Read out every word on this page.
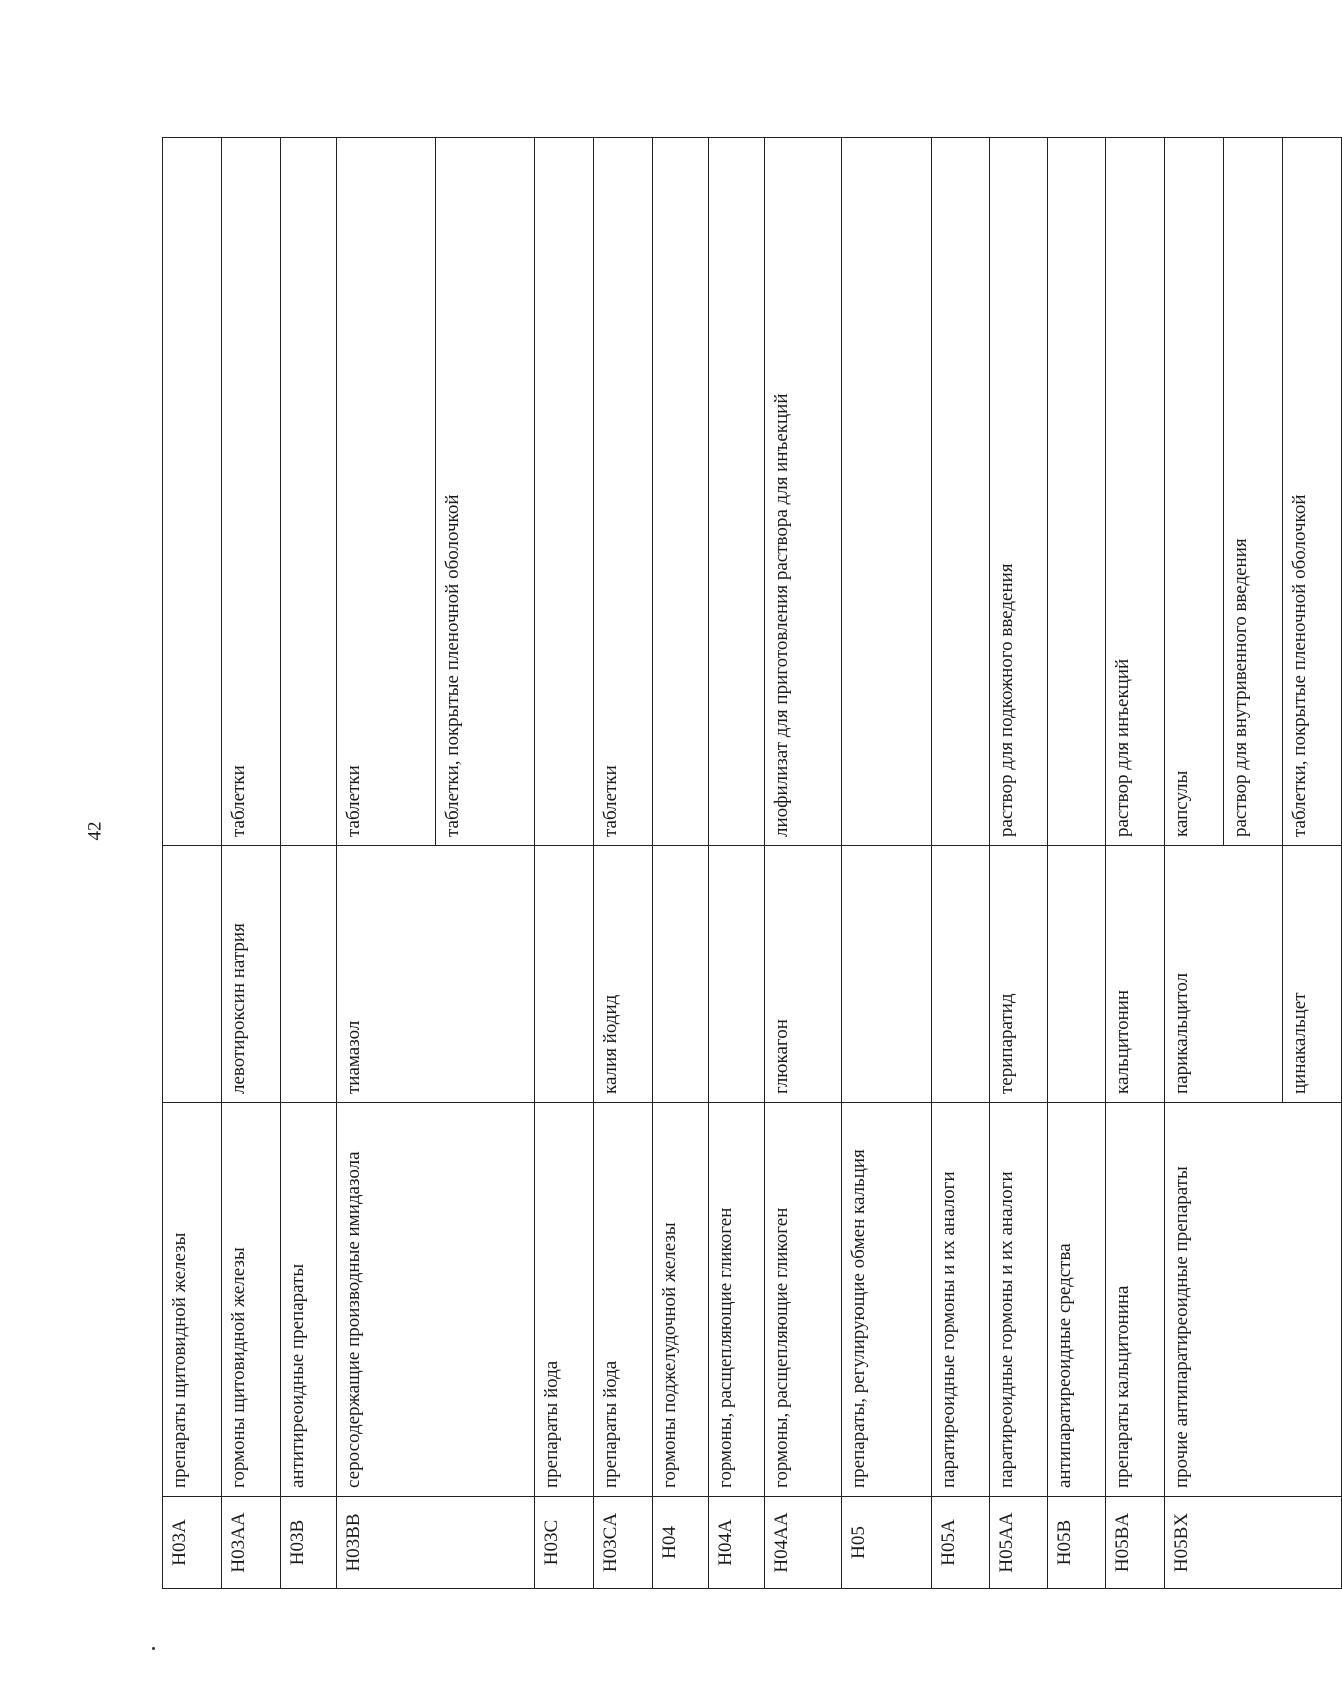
42
H03A	препараты щитовидной железы		
H03AA	гормоны щитовидной железы	левотироксин натрия	таблетки
H03B	антитиреоидные препараты		
H03BB	серосодержащие производные имидазола	тиамазол	таблетки
			таблетки, покрытые пленочной оболочкой
H03C	препараты йода		
H03CA	препараты йода	калия йодид	таблетки
H04	гормоны поджелудочной железы		
H04A	гормоны, расщепляющие гликоген		
H04AA	гормоны, расщепляющие гликоген	глюкагон	лиофилизат для приготовления раствора для инъекций
H05	препараты, регулирующие обмен кальция		
H05A	паратиреоидные гормоны и их аналоги		
H05AA	паратиреоидные гормоны и их аналоги	терипаратид	раствор для подкожного введения
H05B	антипаратиреоидные средства		
H05BA	препараты кальцитонина	кальцитонин	раствор для инъекций
H05BX	прочие антипаратиреоидные препараты	парикальцитол	капсулы
			раствор для внутривенного введения
		цинакальцет	таблетки, покрытые пленочной оболочкой
